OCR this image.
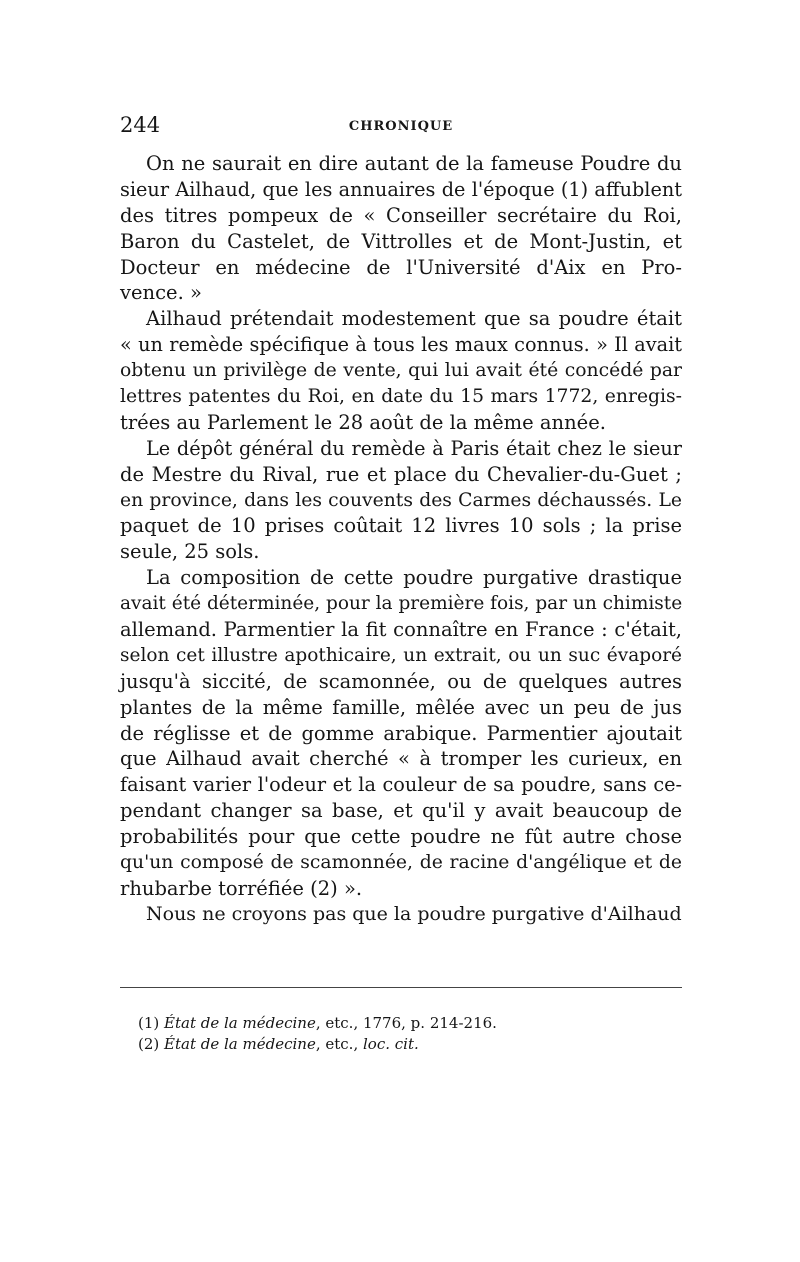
244	CHRONIQUE
On ne saurait en dire autant de la fameuse Poudre du
sieur Ailhaud, que les annuaires de l'époque (1) affublent
des titres pompeux de « Conseiller secrétaire du Roi,
Baron du Castelet, de Vittrolles et de Mont-Justin, et
Docteur en médecine de l'Université d'Aix en Pro-
vence. »
Ailhaud prétendait modestement que sa poudre était
« un remède spécifique à tous les maux connus. » Il avait
obtenu un privilège de vente, qui lui avait été concédé par
lettres patentes du Roi, en date du 15 mars 1772, enregis-
trées au Parlement le 28 août de la même année.
Le dépôt général du remède à Paris était chez le sieur
de Mestre du Rival, rue et place du Chevalier-du-Guet ;
en province, dans les couvents des Carmes déchaussés. Le
paquet de 10 prises coûtait 12 livres 10 sols ; la prise
seule, 25 sols.
La composition de cette poudre purgative drastique
avait été déterminée, pour la première fois, par un chimiste
allemand. Parmentier la fit connaître en France : c'était,
selon cet illustre apothicaire, un extrait, ou un suc évaporé
jusqu'à siccité, de scamonnée, ou de quelques autres
plantes de la même famille, mêlée avec un peu de jus
de réglisse et de gomme arabique. Parmentier ajoutait
que Ailhaud avait cherché « à tromper les curieux, en
faisant varier l'odeur et la couleur de sa poudre, sans ce-
pendant changer sa base, et qu'il y avait beaucoup de
probabilités pour que cette poudre ne fût autre chose
qu'un composé de scamonnée, de racine d'angélique et de
rhubarbe torréfiée (2) ».
Nous ne croyons pas que la poudre purgative d'Ailhaud
(1) État de la médecine, etc., 1776, p. 214-216.
(2) État de la médecine, etc., loc. cit.
